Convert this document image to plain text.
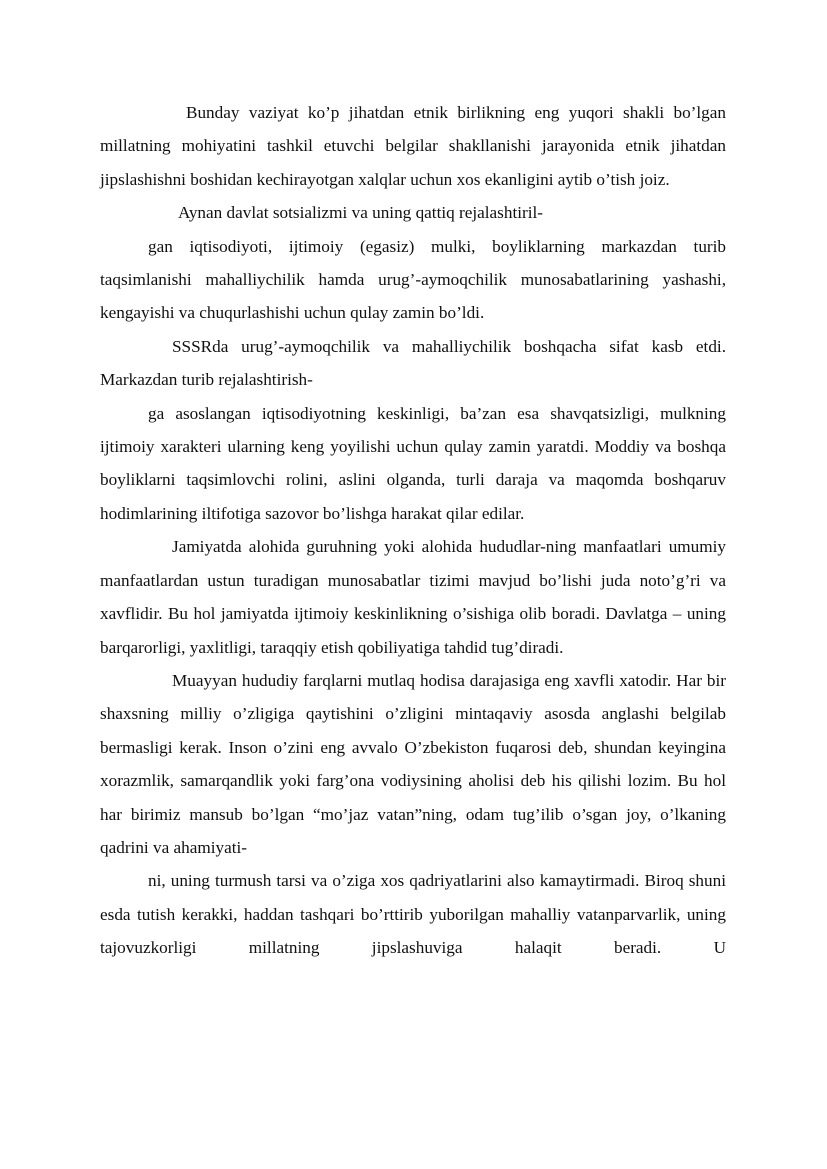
Bunday vaziyat ko’p jihatdan etnik birlikning eng yuqori shakli bo’lgan millatning mohiyatini tashkil etuvchi belgilar shakllanishi jarayonida etnik jihatdan jipslashishni boshidan kechirayotgan xalqlar uchun xos ekanligini aytib o’tish joiz.

Aynan davlat sotsializmi va uning qattiq rejalashtiril-

gan iqtisodiyoti, ijtimoiy (egasiz) mulki, boyliklarning markazdan turib taqsimlanishi mahalliychilik hamda urug’-aymoqchilik munosabatlarining yashashi, kengayishi va chuqurlashishi uchun qulay zamin bo’ldi.

SSSRda urug’-aymoqchilik va mahalliychilik boshqacha sifat kasb etdi. Markazdan turib rejalashtirish-

ga asoslangan iqtisodiyotning keskinligi, ba’zan esa shavqatsizligi, mulkning ijtimoiy xarakteri ularning keng yoyilishi uchun qulay zamin yaratdi. Moddiy va boshqa boyliklarni taqsimlovchi rolini, aslini olganda, turli daraja va maqomda boshqaruv hodimlarining iltifotiga sazovor bo’lishga harakat qilar edilar.

Jamiyatda alohida guruhning yoki alohida hududlar-ning manfaatlari umumiy manfaatlardan ustun turadigan munosabatlar tizimi mavjud bo’lishi juda noto’g’ri va xavflidir. Bu hol jamiyatda ijtimoiy keskinlikning o’sishiga olib boradi. Davlatga – uning barqarorligi, yaxlitligi, taraqqiy etish qobiliyatiga tahdid tug’diradi.

Muayyan hududiy farqlarni mutlaq hodisa darajasiga eng xavfli xatodir. Har bir shaxsning milliy o’zligiga qaytishini o’zligini mintaqaviy asosda anglashi belgilab bermasligi kerak. Inson o’zini eng avvalo O’zbekiston fuqarosi deb, shundan keyingina xorazmlik, samarqandlik yoki farg’ona vodiysining aholisi deb his qilishi lozim. Bu hol har birimiz mansub bo’lgan “mo’jaz vatan”ning, odam tug’ilib o’sgan joy, o’lkaning qadrini va ahamiyati-

ni, uning turmush tarsi va o’ziga xos qadriyatlarini also kamaytirmadi. Biroq shuni esda tutish kerakki, haddan tashqari bo’rttirib yuborilgan mahalliy vatanparvarlik, uning tajovuzkorligi millatning jipslashuviga halaqit beradi. U
